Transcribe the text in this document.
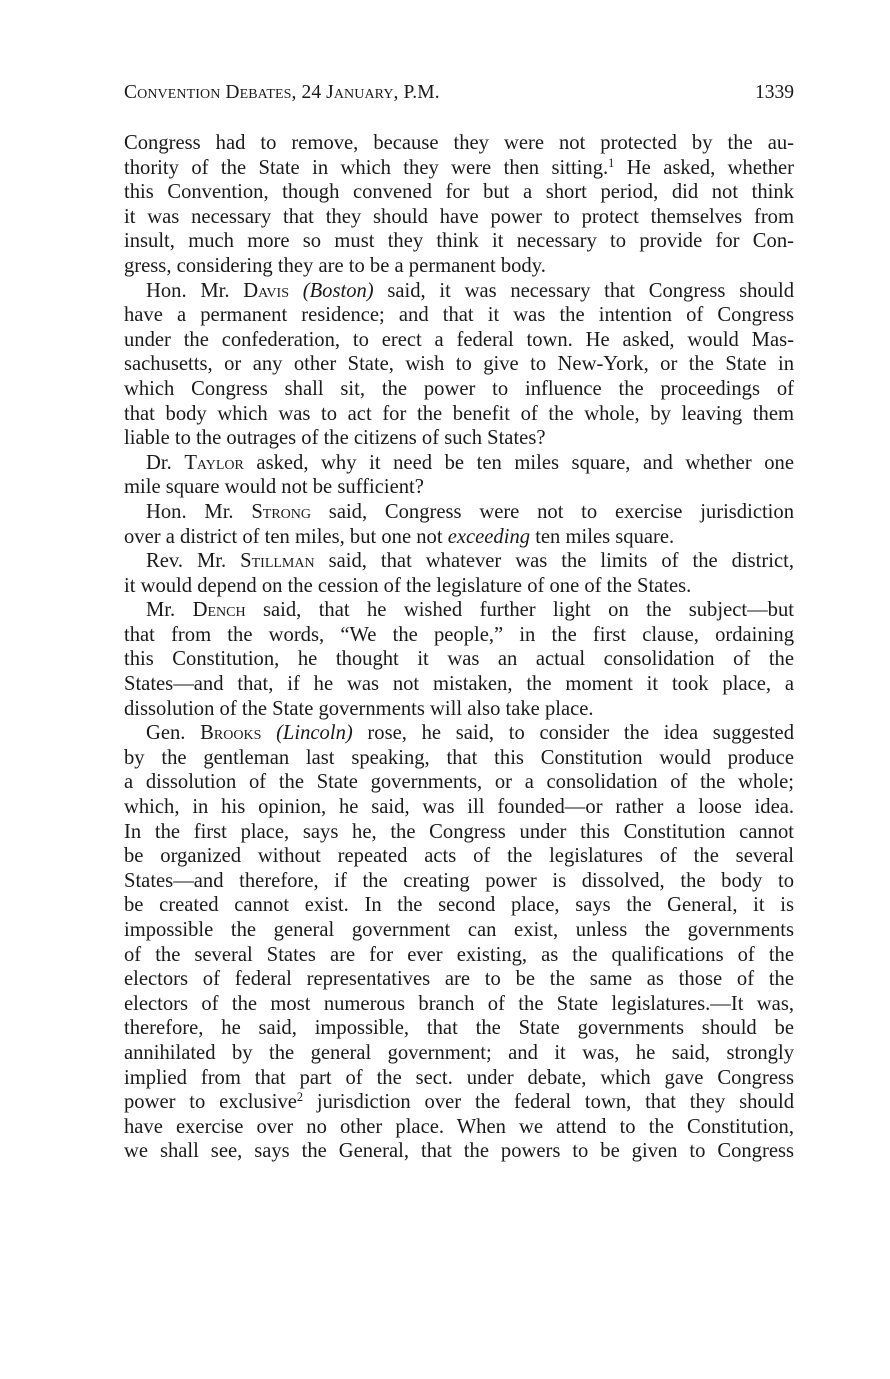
Convention Debates, 24 January, P.M.	1339
Congress had to remove, because they were not protected by the au-
thority of the State in which they were then sitting.$^1$ He asked, whether
this Convention, though convened for but a short period, did not think
it was necessary that they should have power to protect themselves from
insult, much more so must they think it necessary to provide for Con-
gress, considering they are to be a permanent body.
Hon. Mr. Davis (Boston) said, it was necessary that Congress should
have a permanent residence; and that it was the intention of Congress
under the confederation, to erect a federal town. He asked, would Mas-
sachusetts, or any other State, wish to give to New-York, or the State in
which Congress shall sit, the power to influence the proceedings of
that body which was to act for the benefit of the whole, by leaving them
liable to the outrages of the citizens of such States?
Dr. Taylor asked, why it need be ten miles square, and whether one
mile square would not be sufficient?
Hon. Mr. Strong said, Congress were not to exercise jurisdiction
over a district of ten miles, but one not exceeding ten miles square.
Rev. Mr. Stillman said, that whatever was the limits of the district,
it would depend on the cession of the legislature of one of the States.
Mr. Dench said, that he wished further light on the subject—but
that from the words, “We the people,” in the first clause, ordaining
this Constitution, he thought it was an actual consolidation of the
States—and that, if he was not mistaken, the moment it took place, a
dissolution of the State governments will also take place.
Gen. Brooks (Lincoln) rose, he said, to consider the idea suggested
by the gentleman last speaking, that this Constitution would produce
a dissolution of the State governments, or a consolidation of the whole;
which, in his opinion, he said, was ill founded—or rather a loose idea.
In the first place, says he, the Congress under this Constitution cannot
be organized without repeated acts of the legislatures of the several
States—and therefore, if the creating power is dissolved, the body to
be created cannot exist. In the second place, says the General, it is
impossible the general government can exist, unless the governments
of the several States are for ever existing, as the qualifications of the
electors of federal representatives are to be the same as those of the
electors of the most numerous branch of the State legislatures.—It was,
therefore, he said, impossible, that the State governments should be
annihilated by the general government; and it was, he said, strongly
implied from that part of the sect. under debate, which gave Congress
power to exclusive$^2$ jurisdiction over the federal town, that they should
have exercise over no other place. When we attend to the Constitution,
we shall see, says the General, that the powers to be given to Congress
